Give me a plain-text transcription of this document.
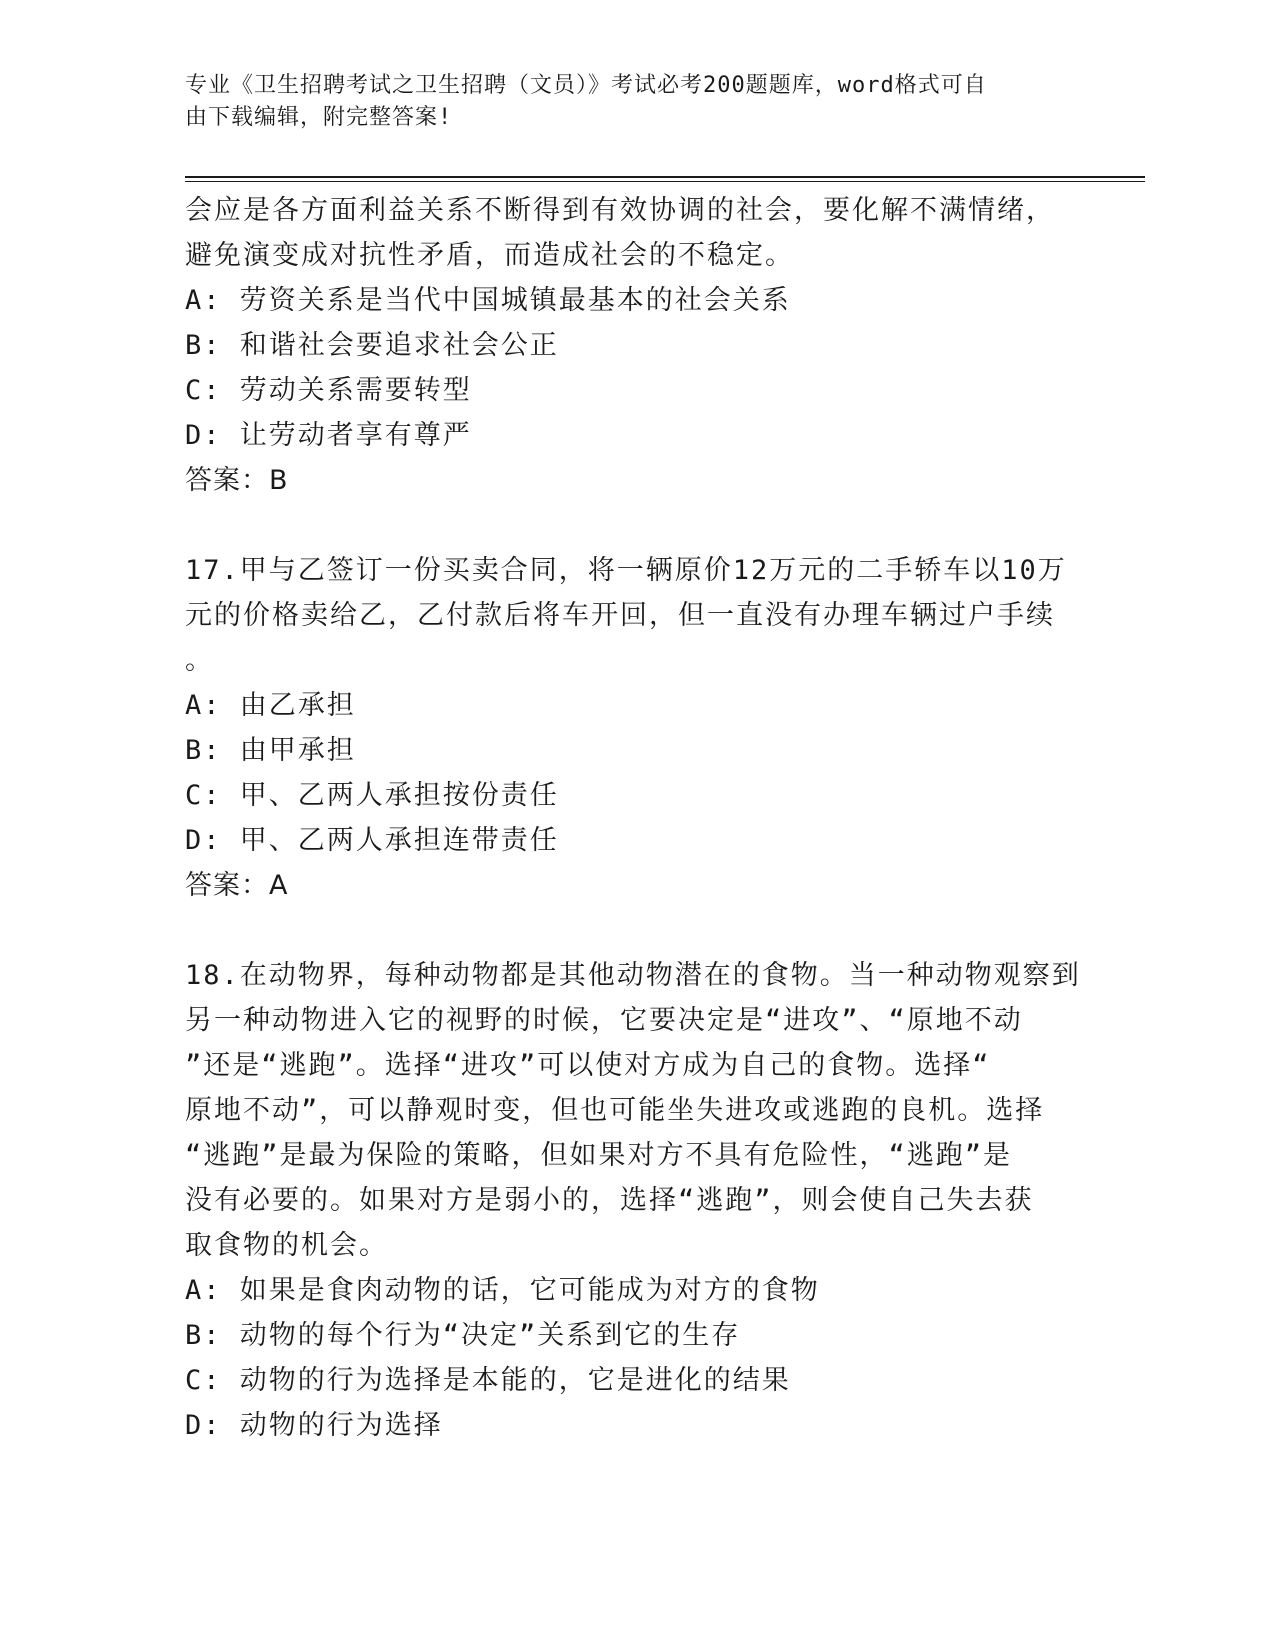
专业《卫生招聘考试之卫生招聘（文员）》考试必考200题题库，word格式可自
由下载编辑，附完整答案!

会应是各方面利益关系不断得到有效协调的社会，要化解不满情绪，

避免演变成对抗性矛盾，而造成社会的不稳定。

A: 劳资关系是当代中国城镇最基本的社会关系

B: 和谐社会要追求社会公正

C: 劳动关系需要转型

D: 让劳动者享有尊严

答案：B

17.甲与乙签订一份买卖合同，将一辆原价12万元的二手轿车以10万

元的价格卖给乙，乙付款后将车开回，但一直没有办理车辆过户手续

。

A: 由乙承担

B: 由甲承担

C: 甲、乙两人承担按份责任

D: 甲、乙两人承担连带责任

答案：A

18.在动物界，每种动物都是其他动物潜在的食物。当一种动物观察到

另一种动物进入它的视野的时候，它要决定是“进攻”、“原地不动

”还是“逃跑”。选择“进攻”可以使对方成为自己的食物。选择“

原地不动”，可以静观时变，但也可能坐失进攻或逃跑的良机。选择

“逃跑”是最为保险的策略，但如果对方不具有危险性，“逃跑”是

没有必要的。如果对方是弱小的，选择“逃跑”，则会使自己失去获

取食物的机会。

A: 如果是食肉动物的话，它可能成为对方的食物

B: 动物的每个行为“决定”关系到它的生存

C: 动物的行为选择是本能的，它是进化的结果

D: 动物的行为选择
